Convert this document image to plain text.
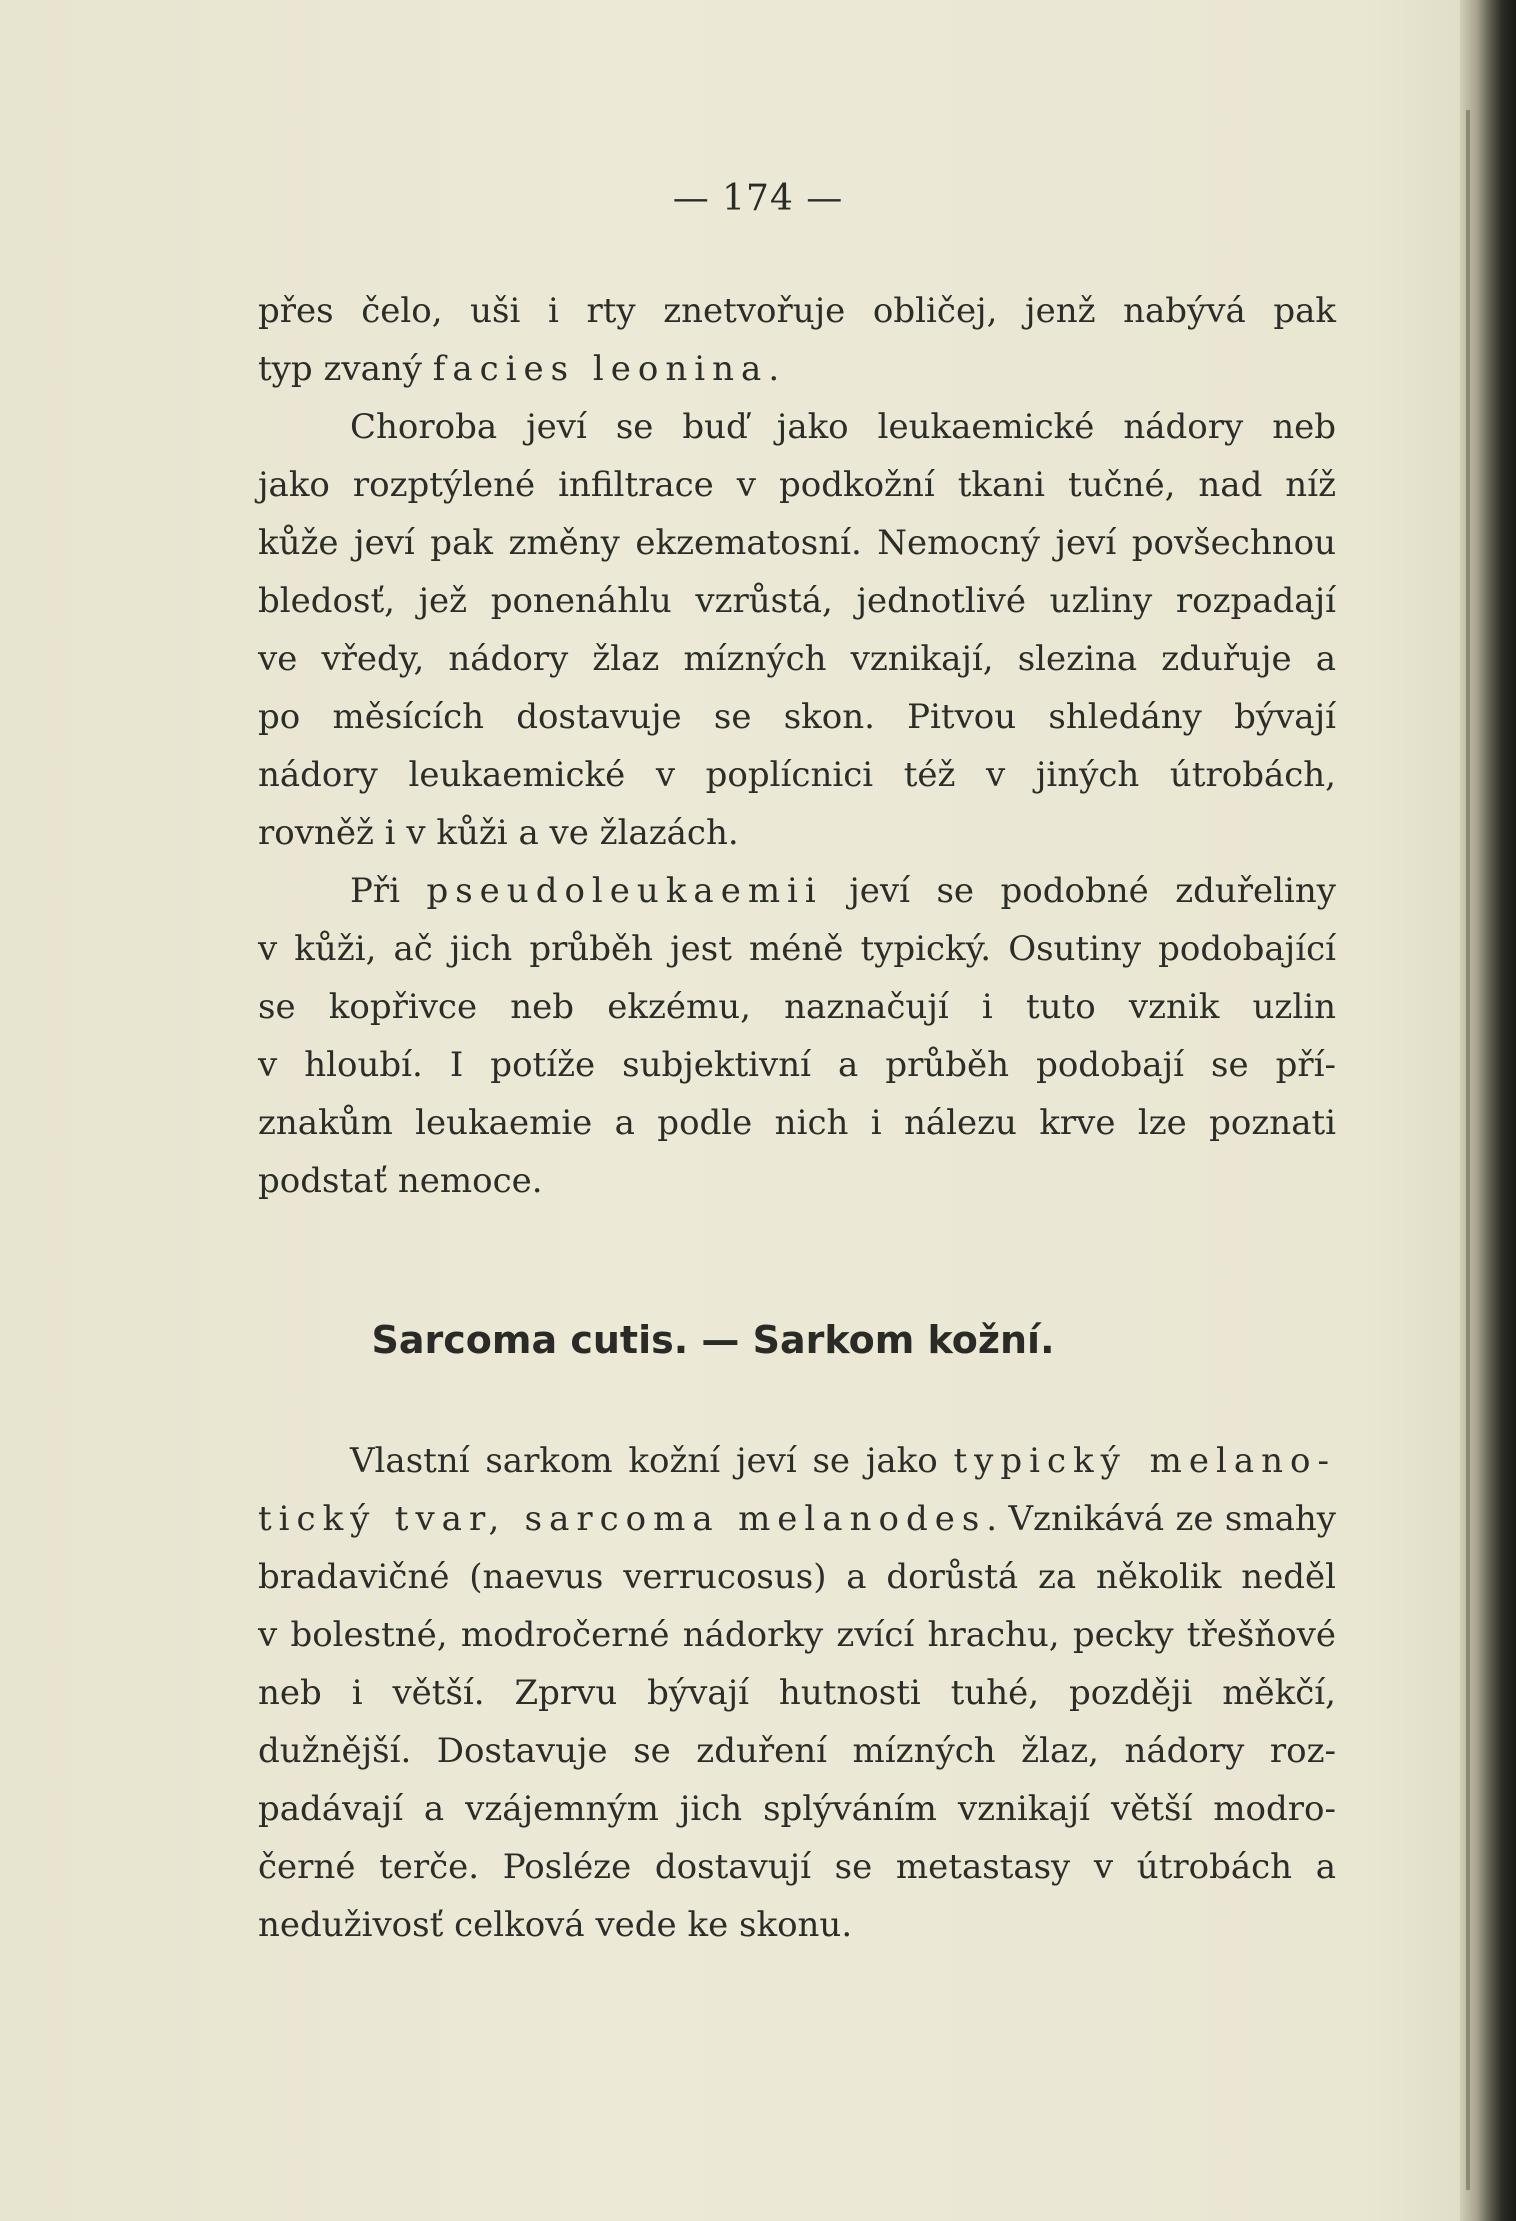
— 174 —

přes čelo, uši i rty znetvořuje obličej, jenž nabývá pak
typ zvaný facies leonina.

Choroba jeví se buď jako leukaemické nádory neb
jako rozptýlené infiltrace v podkožní tkani tučné, nad níž
kůže jeví pak změny ekzematosní. Nemocný jeví povšechnou
bledosť, jež ponenáhlu vzrůstá, jednotlivé uzliny rozpadají
ve vředy, nádory žlaz mízných vznikají, slezina zduřuje a
po měsících dostavuje se skon. Pitvou shledány bývají
nádory leukaemické v poplícnici též v jiných útrobách,
rovněž i v kůži a ve žlazách.

Při pseudoleukaemii jeví se podobné zduřeliny
v kůži, ač jich průběh jest méně typický. Osutiny podobající
se kopřivce neb ekzému, naznačují i tuto vznik uzlin
v hloubí. I potíže subjektivní a průběh podobají se pří-
znakům leukaemie a podle nich i nálezu krve lze poznati
podstať nemoce.

Sarcoma cutis. — Sarkom kožní.

Vlastní sarkom kožní jeví se jako typický melano-
tický tvar, sarcoma melanodes. Vznikává ze smahy
bradavičné (naevus verrucosus) a dorůstá za několik neděl
v bolestné, modročerné nádorky zvící hrachu, pecky třešňové
neb i větší. Zprvu bývají hutnosti tuhé, později měkčí,
dužnější. Dostavuje se zduření mízných žlaz, nádory roz-
padávají a vzájemným jich splýváním vznikají větší modro-
černé terče. Posléze dostavují se metastasy v útrobách a
neduživosť celková vede ke skonu.
